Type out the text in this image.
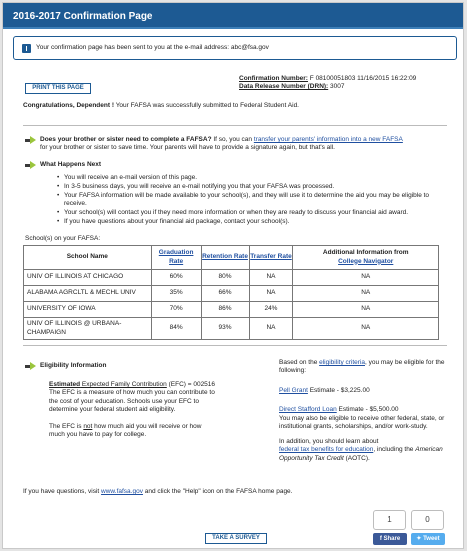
2016-2017 Confirmation Page
Your confirmation page has been sent to you at the e-mail address: abc@fsa.gov
PRINT THIS PAGE
Confirmation Number: F 08100051803 11/16/2015 16:22:09
Data Release Number (DRN): 3007
Congratulations, Dependent ! Your FAFSA was successfully submitted to Federal Student Aid.
Does your brother or sister need to complete a FAFSA? If so, you can transfer your parents' information into a new FAFSA
for your brother or sister to save time. Your parents will have to provide a signature again, but that's all.
What Happens Next
• You will receive an e-mail version of this page.
• In 3-5 business days, you will receive an e-mail notifying you that your FAFSA was processed.
• Your FAFSA information will be made available to your school(s), and they will use it to determine the aid you may be eligible to receive.
• Your school(s) will contact you if they need more information or when they are ready to discuss your financial aid award.
• If you have questions about your financial aid package, contact your school(s).
School(s) on your FAFSA:
School Name	Graduation Rate	Retention Rate	Transfer Rate	Additional Information from
College Navigator

UNIV OF ILLINOIS AT CHICAGO	60%	80%	NA	NA
ALABAMA AGRCLTL & MECHL UNIV	35%	66%	NA	NA
UNIVERSITY OF IOWA	70%	86%	24%	NA
UNIV OF ILLINOIS @ URBANA-CHAMPAIGN	84%	93%	NA	NA
Eligibility Information
Estimated Expected Family Contribution (EFC) = 002516
The EFC is a measure of how much you can contribute to the cost of your education. Schools use your EFC to determine your federal student aid eligibility.
The EFC is not how much aid you will receive or how much you have to pay for college.
Based on the eligibility criteria, you may be eligible for the following:
Pell Grant Estimate - $3,225.00
Direct Stafford Loan Estimate - $5,500.00
You may also be eligible to receive other federal, state, or institutional grants, scholarships, and/or work-study.
In addition, you should learn about
federal tax benefits for education, including the American Opportunity Tax Credit (AOTC).
If you have questions, visit www.fafsa.gov and click the "Help" icon on the FAFSA home page.
TAKE A SURVEY
1	0
f Share	✦ Tweet
